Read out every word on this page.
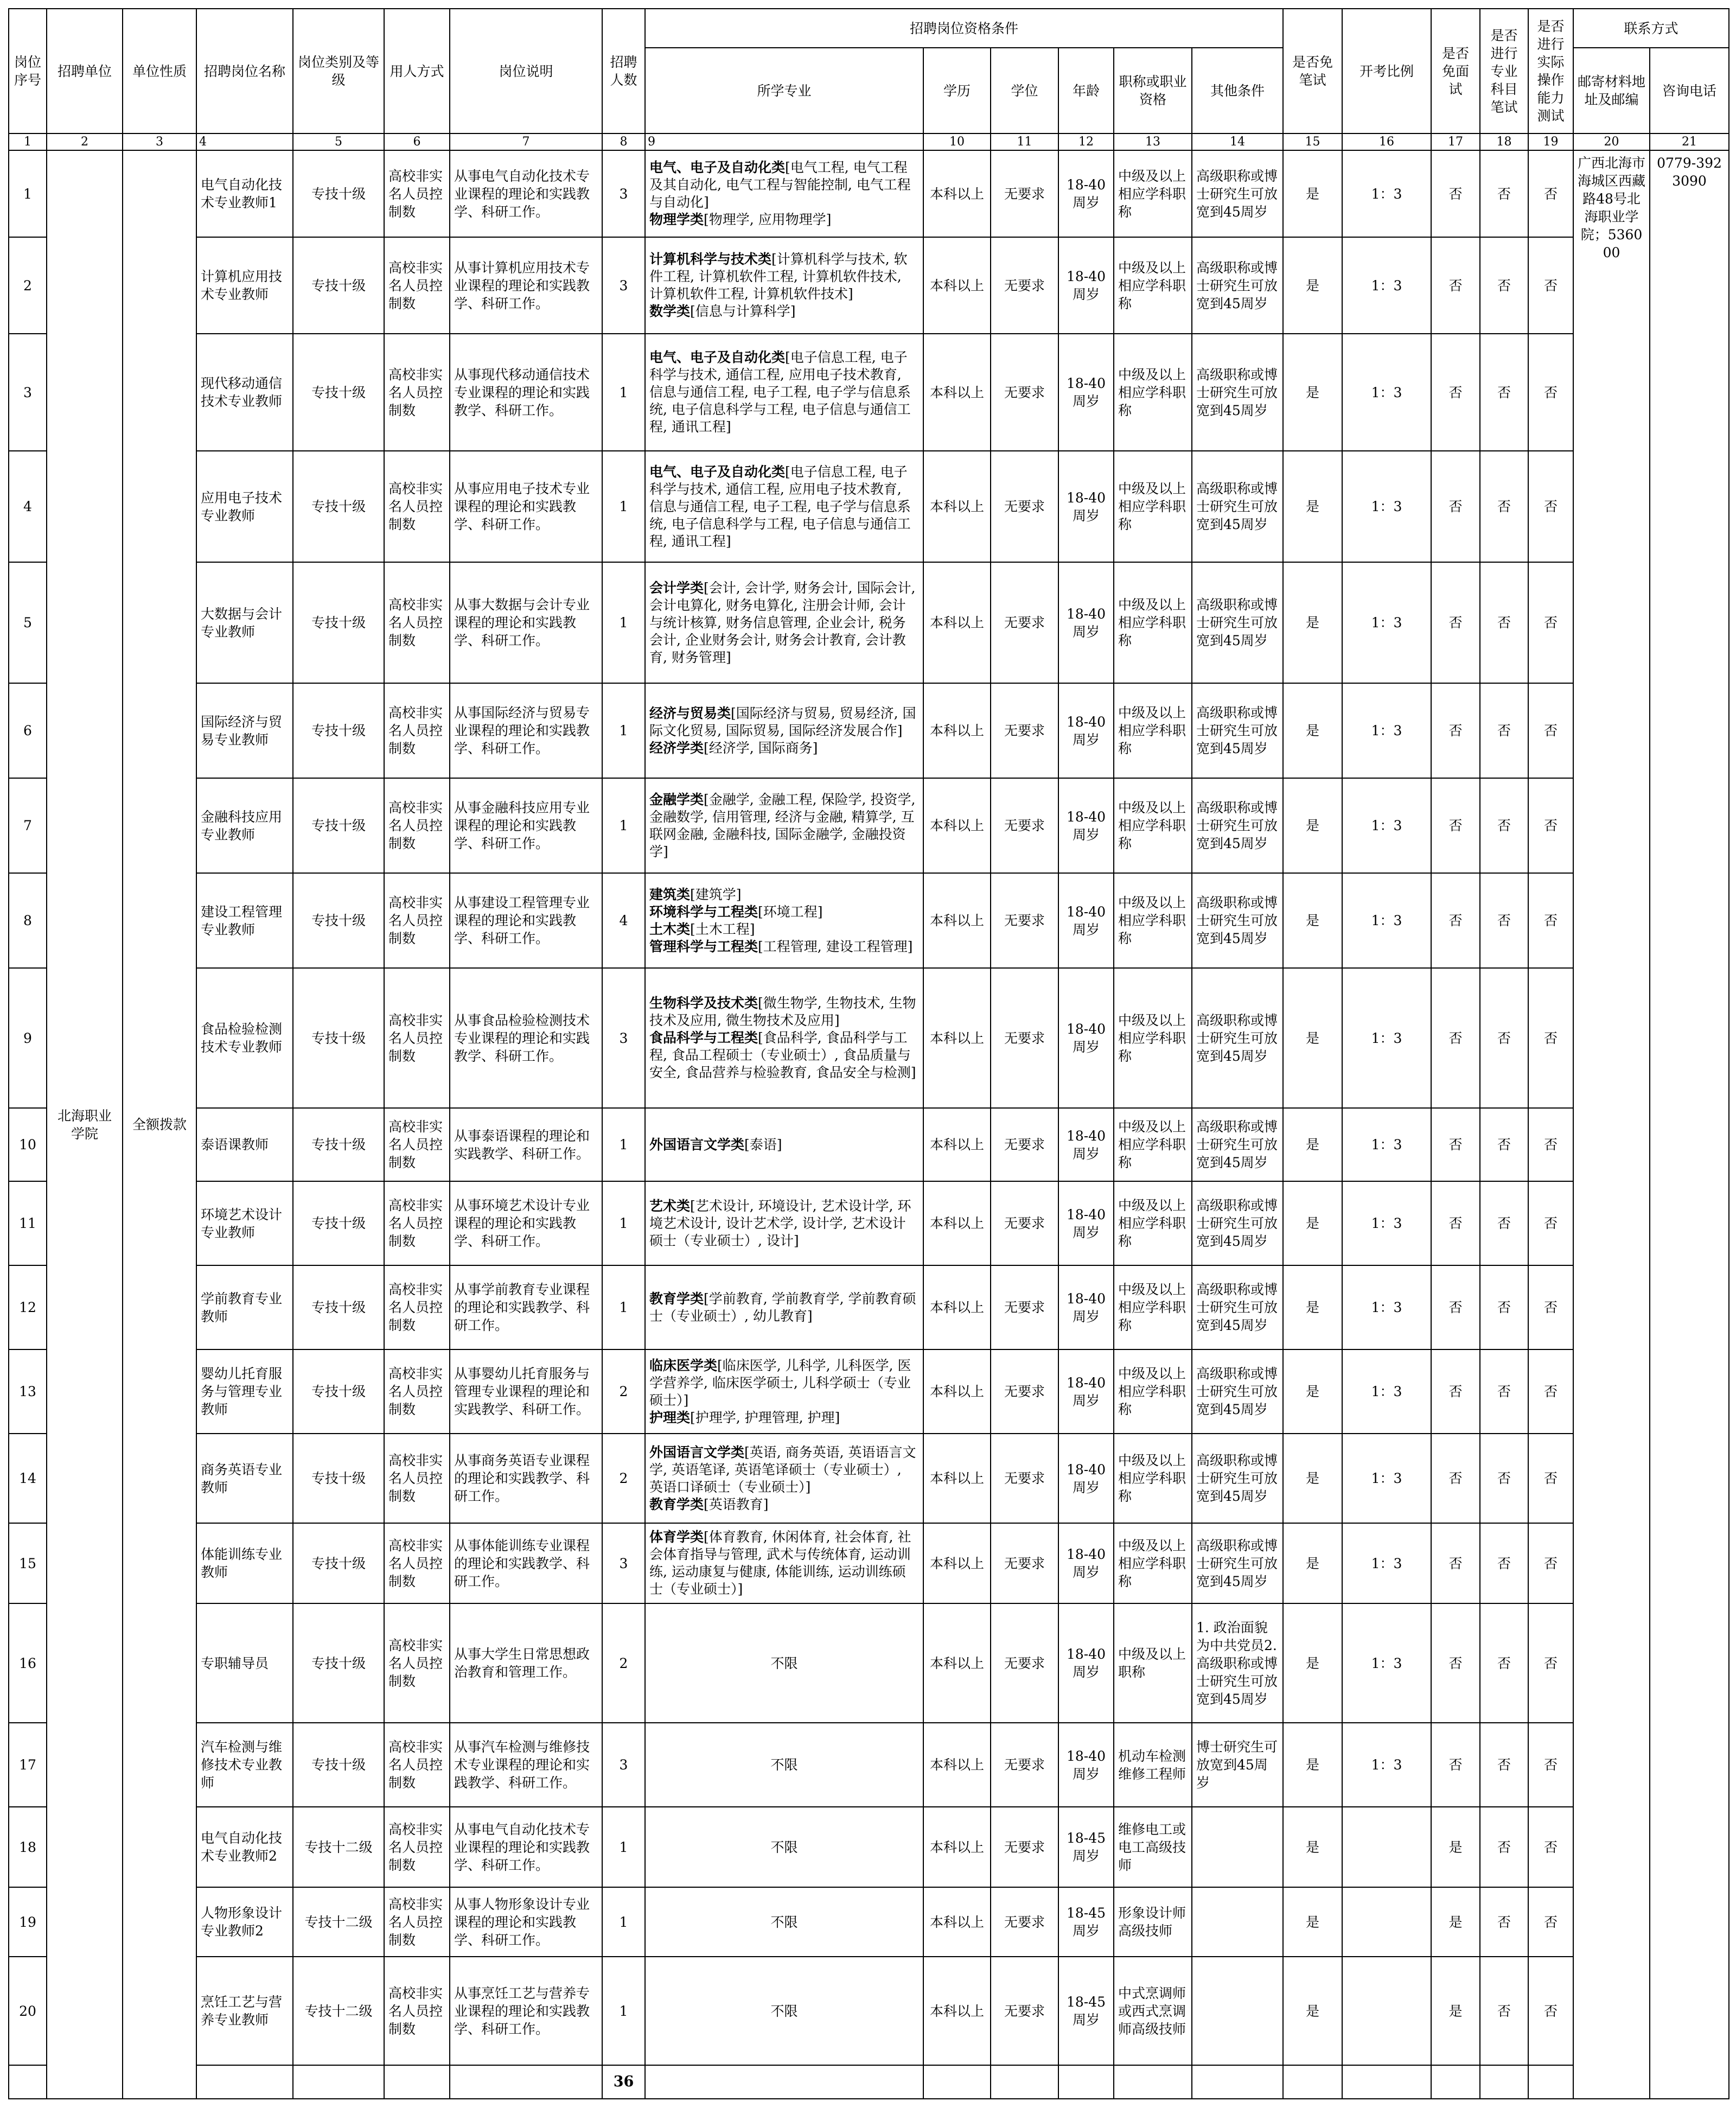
岗位序号	招聘单位	单位性质	招聘岗位名称	岗位类别及等级	用人方式	岗位说明	招聘人数	招聘岗位资格条件						是否免笔试	开考比例	是否免面试	是否进行专业科目笔试	是否进行实际操作能力测试	联系方式	
								所学专业	学历	学位	年龄	职称或职业资格	其他条件						邮寄材料地址及邮编	咨询电话
1	2	3	4	5	6	7	8	9	10	11	12	13	14	15	16	17	18	19	20	21
1	北海职业学院	全额拨款	电气自动化技术专业教师1	专技十级	高校非实名人员控制数	从事电气自动化技术专业课程的理论和实践教学、科研工作。	3	电气、电子及自动化类[电气工程, 电气工程及其自动化, 电气工程与智能控制, 电气工程与自动化]
物理学类[物理学, 应用物理学]	本科以上	无要求	18-40周岁	中级及以上相应学科职称	高级职称或博士研究生可放宽到45周岁	是	1：3	否	否	否	广西北海市海城区西藏路48号北海职业学院；536000	0779-3923090
2			计算机应用技术专业教师	专技十级	高校非实名人员控制数	从事计算机应用技术专业课程的理论和实践教学、科研工作。	3	计算机科学与技术类[计算机科学与技术, 软件工程, 计算机软件工程, 计算机软件技术, 计算机软件工程, 计算机软件技术]
数学类[信息与计算科学]	本科以上	无要求	18-40周岁	中级及以上相应学科职称	高级职称或博士研究生可放宽到45周岁	是	1：3	否	否	否		
3			现代移动通信技术专业教师	专技十级	高校非实名人员控制数	从事现代移动通信技术专业课程的理论和实践教学、科研工作。	1	电气、电子及自动化类[电子信息工程, 电子科学与技术, 通信工程, 应用电子技术教育, 信息与通信工程, 电子工程, 电子学与信息系统, 电子信息科学与工程, 电子信息与通信工程, 通讯工程]	本科以上	无要求	18-40周岁	中级及以上相应学科职称	高级职称或博士研究生可放宽到45周岁	是	1：3	否	否	否		
4			应用电子技术专业教师	专技十级	高校非实名人员控制数	从事应用电子技术专业课程的理论和实践教学、科研工作。	1	电气、电子及自动化类[电子信息工程, 电子科学与技术, 通信工程, 应用电子技术教育, 信息与通信工程, 电子工程, 电子学与信息系统, 电子信息科学与工程, 电子信息与通信工程, 通讯工程]	本科以上	无要求	18-40周岁	中级及以上相应学科职称	高级职称或博士研究生可放宽到45周岁	是	1：3	否	否	否		
5			大数据与会计专业教师	专技十级	高校非实名人员控制数	从事大数据与会计专业课程的理论和实践教学、科研工作。	1	会计学类[会计, 会计学, 财务会计, 国际会计, 会计电算化, 财务电算化, 注册会计师, 会计与统计核算, 财务信息管理, 企业会计, 税务会计, 企业财务会计, 财务会计教育, 会计教育, 财务管理]	本科以上	无要求	18-40周岁	中级及以上相应学科职称	高级职称或博士研究生可放宽到45周岁	是	1：3	否	否	否		
6			国际经济与贸易专业教师	专技十级	高校非实名人员控制数	从事国际经济与贸易专业课程的理论和实践教学、科研工作。	1	经济与贸易类[国际经济与贸易, 贸易经济, 国际文化贸易, 国际贸易, 国际经济发展合作]
经济学类[经济学, 国际商务]	本科以上	无要求	18-40周岁	中级及以上相应学科职称	高级职称或博士研究生可放宽到45周岁	是	1：3	否	否	否		
7			金融科技应用专业教师	专技十级	高校非实名人员控制数	从事金融科技应用专业课程的理论和实践教学、科研工作。	1	金融学类[金融学, 金融工程, 保险学, 投资学, 金融数学, 信用管理, 经济与金融, 精算学, 互联网金融, 金融科技, 国际金融学, 金融投资学]	本科以上	无要求	18-40周岁	中级及以上相应学科职称	高级职称或博士研究生可放宽到45周岁	是	1：3	否	否	否		
8			建设工程管理专业教师	专技十级	高校非实名人员控制数	从事建设工程管理专业课程的理论和实践教学、科研工作。	4	建筑类[建筑学]
环境科学与工程类[环境工程]
土木类[土木工程]
管理科学与工程类[工程管理, 建设工程管理]	本科以上	无要求	18-40周岁	中级及以上相应学科职称	高级职称或博士研究生可放宽到45周岁	是	1：3	否	否	否		
9			食品检验检测技术专业教师	专技十级	高校非实名人员控制数	从事食品检验检测技术专业课程的理论和实践教学、科研工作。	3	生物科学及技术类[微生物学, 生物技术, 生物技术及应用, 微生物技术及应用]
食品科学与工程类[食品科学, 食品科学与工程, 食品工程硕士（专业硕士）, 食品质量与安全, 食品营养与检验教育, 食品安全与检测]	本科以上	无要求	18-40周岁	中级及以上相应学科职称	高级职称或博士研究生可放宽到45周岁	是	1：3	否	否	否		
10			泰语课教师	专技十级	高校非实名人员控制数	从事泰语课程的理论和实践教学、科研工作。	1	外国语言文学类[泰语]	本科以上	无要求	18-40周岁	中级及以上相应学科职称	高级职称或博士研究生可放宽到45周岁	是	1：3	否	否	否		
11			环境艺术设计专业教师	专技十级	高校非实名人员控制数	从事环境艺术设计专业课程的理论和实践教学、科研工作。	1	艺术类[艺术设计, 环境设计, 艺术设计学, 环境艺术设计, 设计艺术学, 设计学, 艺术设计硕士（专业硕士）, 设计]	本科以上	无要求	18-40周岁	中级及以上相应学科职称	高级职称或博士研究生可放宽到45周岁	是	1：3	否	否	否		
12			学前教育专业教师	专技十级	高校非实名人员控制数	从事学前教育专业课程的理论和实践教学、科研工作。	1	教育学类[学前教育, 学前教育学, 学前教育硕士（专业硕士）, 幼儿教育]	本科以上	无要求	18-40周岁	中级及以上相应学科职称	高级职称或博士研究生可放宽到45周岁	是	1：3	否	否	否		
13			婴幼儿托育服务与管理专业教师	专技十级	高校非实名人员控制数	从事婴幼儿托育服务与管理专业课程的理论和实践教学、科研工作。	2	临床医学类[临床医学, 儿科学, 儿科医学, 医学营养学, 临床医学硕士, 儿科学硕士（专业硕士）]
护理类[护理学, 护理管理, 护理]	本科以上	无要求	18-40周岁	中级及以上相应学科职称	高级职称或博士研究生可放宽到45周岁	是	1：3	否	否	否		
14			商务英语专业教师	专技十级	高校非实名人员控制数	从事商务英语专业课程的理论和实践教学、科研工作。	2	外国语言文学类[英语, 商务英语, 英语语言文学, 英语笔译, 英语笔译硕士（专业硕士）, 英语口译硕士（专业硕士）]
教育学类[英语教育]	本科以上	无要求	18-40周岁	中级及以上相应学科职称	高级职称或博士研究生可放宽到45周岁	是	1：3	否	否	否		
15			体能训练专业教师	专技十级	高校非实名人员控制数	从事体能训练专业课程的理论和实践教学、科研工作。	3	体育学类[体育教育, 休闲体育, 社会体育, 社会体育指导与管理, 武术与传统体育, 运动训练, 运动康复与健康, 体能训练, 运动训练硕士（专业硕士）]	本科以上	无要求	18-40周岁	中级及以上相应学科职称	高级职称或博士研究生可放宽到45周岁	是	1：3	否	否	否		
16			专职辅导员	专技十级	高校非实名人员控制数	从事大学生日常思想政治教育和管理工作。	2	不限	本科以上	无要求	18-40周岁	中级及以上职称	1. 政治面貌为中共党员2. 高级职称或博士研究生可放宽到45周岁	是	1：3	否	否	否		
17			汽车检测与维修技术专业教师	专技十级	高校非实名人员控制数	从事汽车检测与维修技术专业课程的理论和实践教学、科研工作。	3	不限	本科以上	无要求	18-40周岁	机动车检测维修工程师	博士研究生可放宽到45周岁	是	1：3	否	否	否		
18			电气自动化技术专业教师2	专技十二级	高校非实名人员控制数	从事电气自动化技术专业课程的理论和实践教学、科研工作。	1	不限	本科以上	无要求	18-45周岁	维修电工或电工高级技师		是		是	否	否		
19			人物形象设计专业教师2	专技十二级	高校非实名人员控制数	从事人物形象设计专业课程的理论和实践教学、科研工作。	1	不限	本科以上	无要求	18-45周岁	形象设计师高级技师		是		是	否	否		
20			烹饪工艺与营养专业教师	专技十二级	高校非实名人员控制数	从事烹饪工艺与营养专业课程的理论和实践教学、科研工作。	1	不限	本科以上	无要求	18-45周岁	中式烹调师或西式烹调师高级技师		是		是	否	否		
							36													
